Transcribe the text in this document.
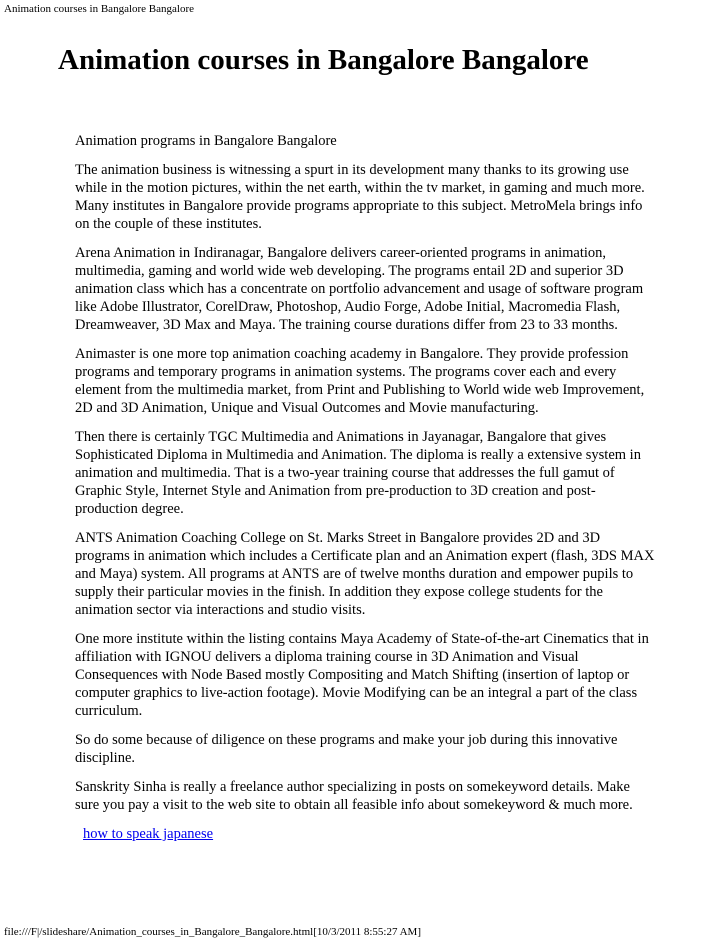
Animation courses in Bangalore Bangalore
Animation courses in Bangalore Bangalore

Animation programs in Bangalore Bangalore

The animation business is witnessing a spurt in its development many thanks to its growing use while in the motion pictures, within the net earth, within the tv market, in gaming and much more. Many institutes in Bangalore provide programs appropriate to this subject. MetroMela brings info on the couple of these institutes.

Arena Animation in Indiranagar, Bangalore delivers career-oriented programs in animation, multimedia, gaming and world wide web developing. The programs entail 2D and superior 3D animation class which has a concentrate on portfolio advancement and usage of software program like Adobe Illustrator, CorelDraw, Photoshop, Audio Forge, Adobe Initial, Macromedia Flash, Dreamweaver, 3D Max and Maya. The training course durations differ from 23 to 33 months.

Animaster is one more top animation coaching academy in Bangalore. They provide profession programs and temporary programs in animation systems. The programs cover each and every element from the multimedia market, from Print and Publishing to World wide web Improvement, 2D and 3D Animation, Unique and Visual Outcomes and Movie manufacturing.

Then there is certainly TGC Multimedia and Animations in Jayanagar, Bangalore that gives Sophisticated Diploma in Multimedia and Animation. The diploma is really a extensive system in animation and multimedia. That is a two-year training course that addresses the full gamut of Graphic Style, Internet Style and Animation from pre-production to 3D creation and post-production degree.

ANTS Animation Coaching College on St. Marks Street in Bangalore provides 2D and 3D programs in animation which includes a Certificate plan and an Animation expert (flash, 3DS MAX and Maya) system. All programs at ANTS are of twelve months duration and empower pupils to supply their particular movies in the finish. In addition they expose college students for the animation sector via interactions and studio visits.

One more institute within the listing contains Maya Academy of State-of-the-art Cinematics that in affiliation with IGNOU delivers a diploma training course in 3D Animation and Visual Consequences with Node Based mostly Compositing and Match Shifting (insertion of laptop or computer graphics to live-action footage). Movie Modifying can be an integral a part of the class curriculum.

So do some because of diligence on these programs and make your job during this innovative discipline.

Sanskrity Sinha is really a freelance author specializing in posts on somekeyword details. Make sure you pay a visit to the web site to obtain all feasible info about somekeyword & much more.

how to speak japanese
file:///F|/slideshare/Animation_courses_in_Bangalore_Bangalore.html[10/3/2011 8:55:27 AM]
